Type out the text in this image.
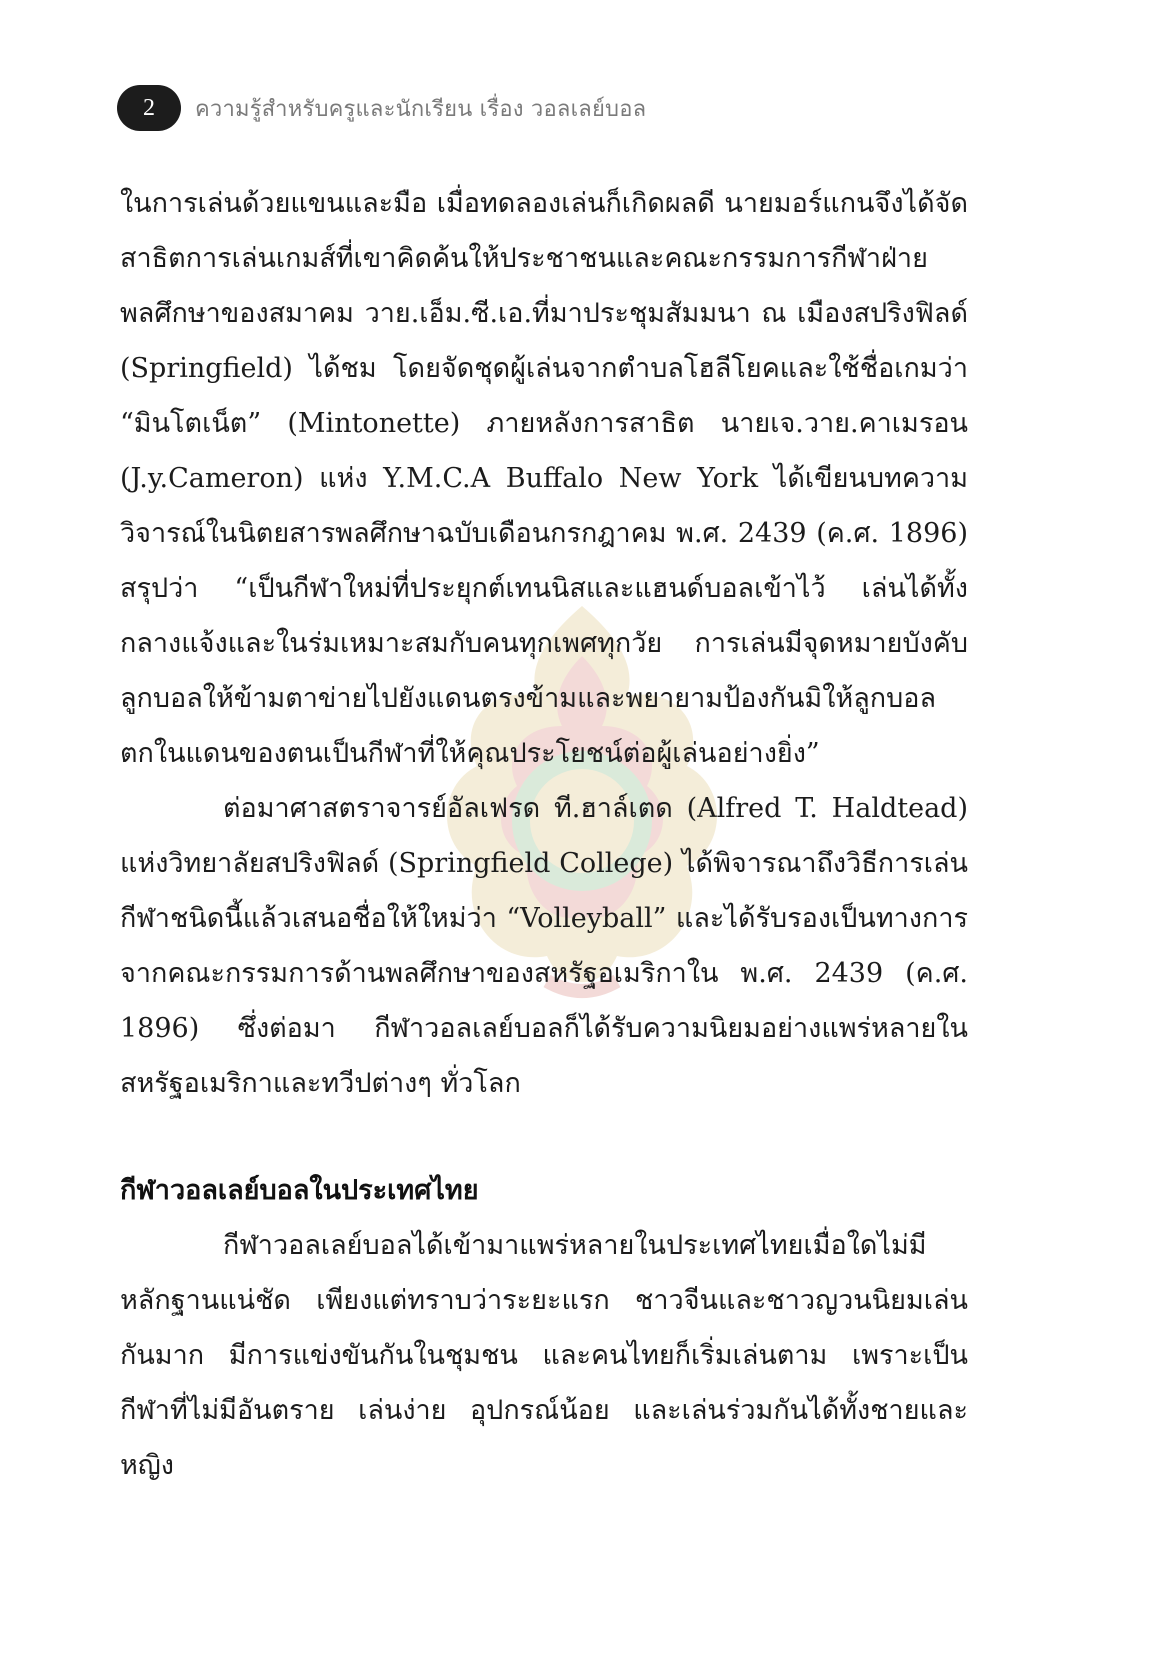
2	ความรู้สำหรับครูและนักเรียน เรื่อง วอลเลย์บอล

ในการเล่นด้วยแขนและมือ เมื่อทดลองเล่นก็เกิดผลดี นายมอร์แกนจึงได้จัดสาธิตการเล่นเกมส์ที่เขาคิดค้นให้ประชาชนและคณะกรรมการกีฬาฝ่ายพลศึกษาของสมาคม วาย.เอ็ม.ซี.เอ.ที่มาประชุมสัมมนา ณ เมืองสปริงฟิลด์ (Springfield) ได้ชม โดยจัดชุดผู้เล่นจากตำบลโฮลีโยคและใช้ชื่อเกมว่า “มินโตเน็ต” (Mintonette) ภายหลังการสาธิต นายเจ.วาย.คาเมรอน (J.y.Cameron) แห่ง Y.M.C.A Buffalo New York ได้เขียนบทความวิจารณ์ในนิตยสารพลศึกษาฉบับเดือนกรกฎาคม พ.ศ. 2439 (ค.ศ. 1896) สรุปว่า “เป็นกีฬาใหม่ที่ประยุกต์เทนนิสและแฮนด์บอลเข้าไว้ เล่นได้ทั้งกลางแจ้งและในร่มเหมาะสมกับคนทุกเพศทุกวัย การเล่นมีจุดหมายบังคับลูกบอลให้ข้ามตาข่ายไปยังแดนตรงข้ามและพยายามป้องกันมิให้ลูกบอลตกในแดนของตนเป็นกีฬาที่ให้คุณประโยชน์ต่อผู้เล่นอย่างยิ่ง”

ต่อมาศาสตราจารย์อัลเฟรด ที.ฮาล์เตด (Alfred T. Haldtead) แห่งวิทยาลัยสปริงฟิลด์ (Springfield College) ได้พิจารณาถึงวิธีการเล่นกีฬาชนิดนี้แล้วเสนอชื่อให้ใหม่ว่า “Volleyball” และได้รับรองเป็นทางการจากคณะกรรมการด้านพลศึกษาของสหรัฐอเมริกาใน พ.ศ. 2439 (ค.ศ. 1896) ซึ่งต่อมา กีฬาวอลเลย์บอลก็ได้รับความนิยมอย่างแพร่หลายในสหรัฐอเมริกาและทวีปต่างๆ ทั่วโลก

กีฬาวอลเลย์บอลในประเทศไทย

กีฬาวอลเลย์บอลได้เข้ามาแพร่หลายในประเทศไทยเมื่อใดไม่มีหลักฐานแน่ชัด เพียงแต่ทราบว่าระยะแรก ชาวจีนและชาวญวนนิยมเล่นกันมาก มีการแข่งขันกันในชุมชน และคนไทยก็เริ่มเล่นตาม เพราะเป็นกีฬาที่ไม่มีอันตราย เล่นง่าย อุปกรณ์น้อย และเล่นร่วมกันได้ทั้งชายและหญิง
